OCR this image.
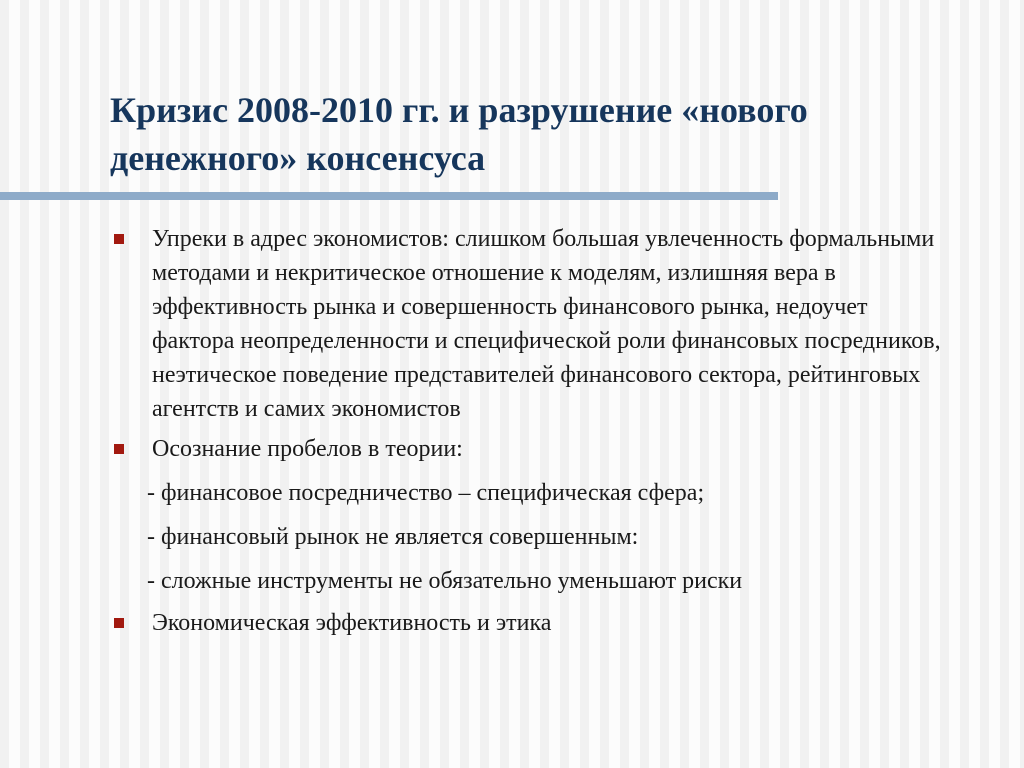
Кризис 2008-2010 гг. и разрушение «нового денежного» консенсуса
Упреки в адрес экономистов: слишком большая увлеченность формальными методами и некритическое отношение к моделям, излишняя вера в эффективность рынка и совершенность финансового рынка, недоучет фактора неопределенности и специфической роли финансовых посредников, неэтическое поведение представителей финансового сектора, рейтинговых агентств и самих экономистов
Осознание пробелов в теории:
- финансовое посредничество – специфическая сфера;
- финансовый рынок не является совершенным:
- сложные инструменты не обязательно уменьшают риски
Экономическая эффективность и этика
